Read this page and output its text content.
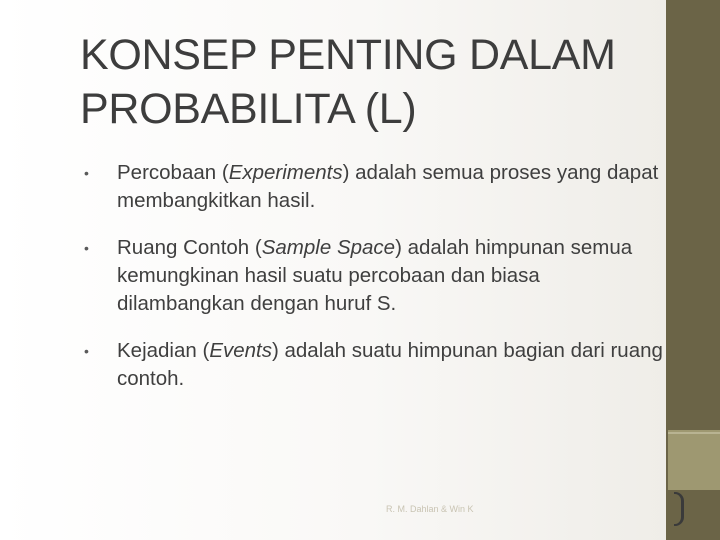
KONSEP PENTING DALAM
PROBABILITA (L)
•	Percobaan (Experiments) adalah semua proses yang dapat membangkitkan hasil.
•	Ruang Contoh (Sample Space) adalah himpunan semua kemungkinan hasil suatu percobaan dan biasa dilambangkan dengan huruf S.
•	Kejadian (Events) adalah suatu himpunan bagian dari ruang contoh.
R. M. Dahlan & Win K
